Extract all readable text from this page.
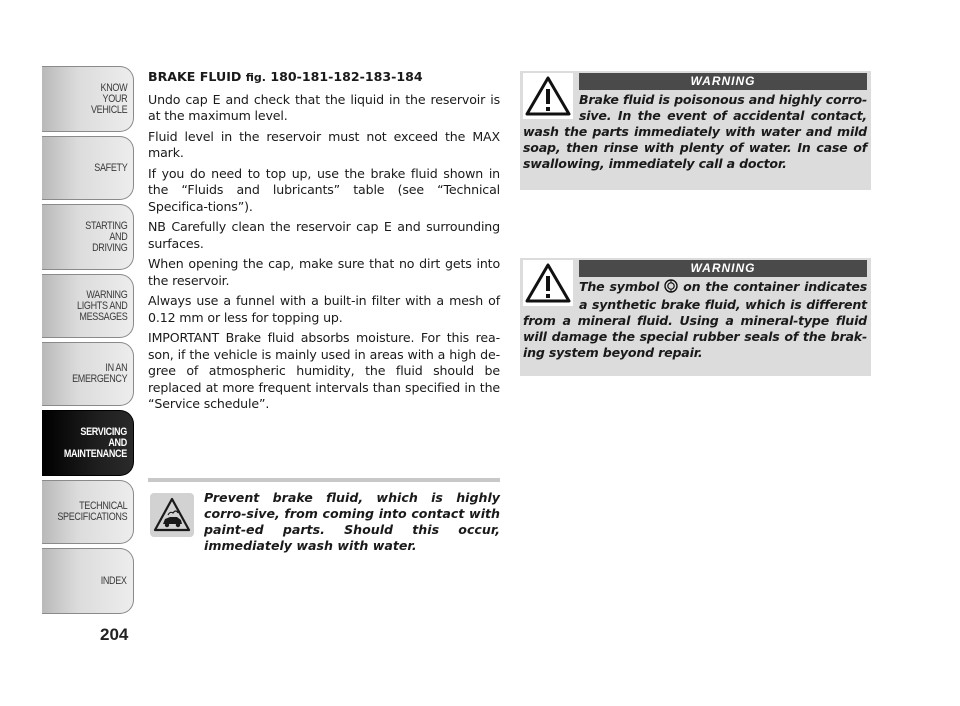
KNOW
YOUR
VEHICLE
SAFETY
STARTING
AND
DRIVING
WARNING
LIGHTS AND
MESSAGES
IN AN
EMERGENCY
SERVICING
AND
MAINTENANCE
TECHNICAL
SPECIFICATIONS
INDEX
204
BRAKE FLUID fig. 180-181-182-183-184

Undo cap E and check that the liquid in the reservoir is at the maximum level.

Fluid level in the reservoir must not exceed the MAX mark.

If you do need to top up, use the brake fluid shown in the “Fluids and lubricants” table (see “Technical Specifica-tions”).

NB Carefully clean the reservoir cap E and surrounding surfaces.

When opening the cap, make sure that no dirt gets into the reservoir.

Always use a funnel with a built-in filter with a mesh of 0.12 mm or less for topping up.

IMPORTANT Brake fluid absorbs moisture. For this rea-son, if the vehicle is mainly used in areas with a high de-gree of atmospheric humidity, the fluid should be replaced at more frequent intervals than specified in the “Service schedule”.

Prevent brake fluid, which is highly corro-sive, from coming into contact with paint-ed parts. Should this occur, immediately wash with water.
WARNING
Brake fluid is poisonous and highly corro-sive. In the event of accidental contact, wash the parts immediately with water and mild soap, then rinse with plenty of water. In case of swallowing, immediately call a doctor.
WARNING
The symbol on the container indicates a synthetic brake fluid, which is different from a mineral fluid. Using a mineral-type fluid will damage the special rubber seals of the brak-ing system beyond repair.
